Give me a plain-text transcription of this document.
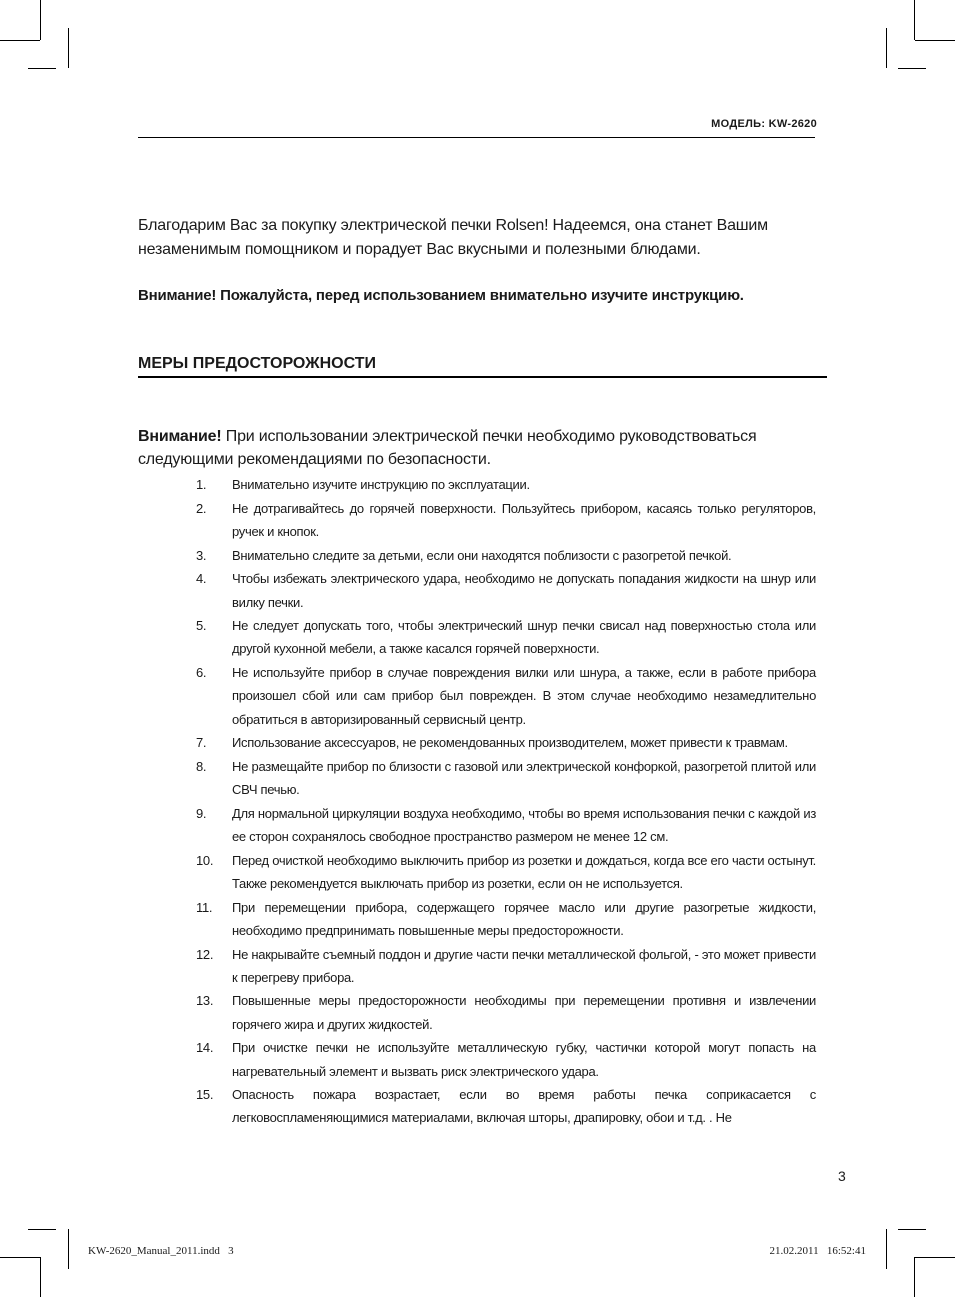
МОДЕЛЬ: KW-2620
Благодарим Вас за покупку электрической печки Rolsen! Надеемся, она станет Вашим незаменимым помощником и порадует Вас вкусными и полезными блюдами.
Внимание! Пожалуйста, перед использованием внимательно изучите инструкцию.
МЕРЫ ПРЕДОСТОРОЖНОСТИ
Внимание! При использовании электрической печки необходимо руководствоваться следующими рекомендациями по безопасности.
1. Внимательно изучите инструкцию по эксплуатации.
2. Не дотрагивайтесь до горячей поверхности. Пользуйтесь прибором, касаясь только регуляторов, ручек и кнопок.
3. Внимательно следите за детьми, если они находятся поблизости с разогретой печкой.
4. Чтобы избежать электрического удара, необходимо не допускать попадания жидкости на шнур или вилку печки.
5. Не следует допускать того, чтобы электрический шнур печки свисал над поверхностью стола или другой кухонной мебели, а также касался горячей поверхности.
6. Не используйте прибор в случае повреждения вилки или шнура, а также, если в работе прибора произошел сбой или сам прибор был поврежден. В этом случае необходимо незамедлительно обратиться в авторизированный сервисный центр.
7. Использование аксессуаров, не рекомендованных производителем, может привести к травмам.
8. Не размещайте прибор по близости с газовой или электрической конфоркой, разогретой плитой или СВЧ печью.
9. Для нормальной циркуляции воздуха необходимо, чтобы во время использования печки с каждой из ее сторон сохранялось свободное пространство размером не менее 12 см.
10. Перед очисткой необходимо выключить прибор из розетки и дождаться, когда все его части остынут. Также рекомендуется выключать прибор из розетки, если он не используется.
11. При перемещении прибора, содержащего горячее масло или другие разогретые жидкости, необходимо предпринимать повышенные меры предосторожности.
12. Не накрывайте съемный поддон и другие части печки металлической фольгой, - это может привести к перегреву прибора.
13. Повышенные меры предосторожности необходимы при перемещении противня и извлечении горячего жира и других жидкостей.
14. При очистке печки не используйте металлическую губку, частички которой могут попасть на нагревательный элемент и вызвать риск электрического удара.
15. Опасность пожара возрастает, если во время работы печка соприкасается с легковоспламеняющимися материалами, включая шторы, драпировку, обои и т.д. . Не
3
KW-2620_Manual_2011.indd   3	21.02.2011   16:52:41
